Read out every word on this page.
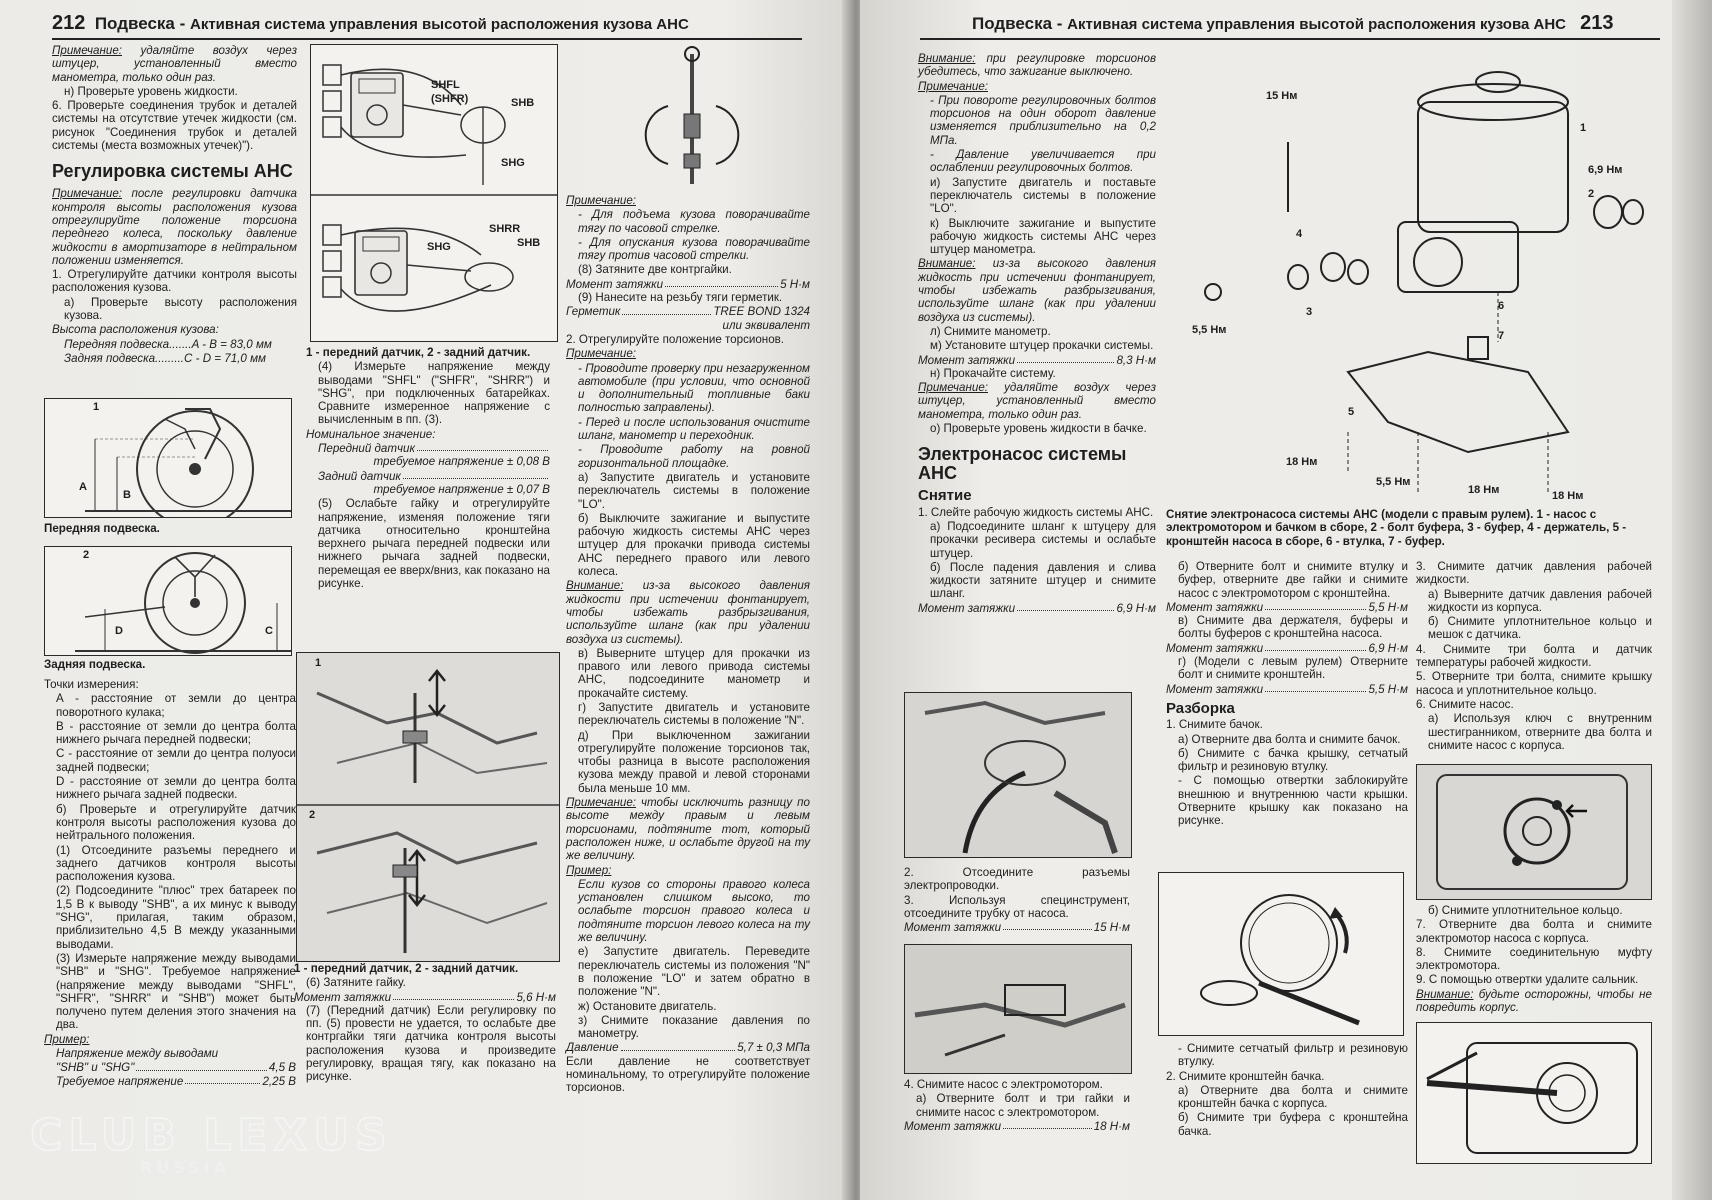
212 Подвеска - Активная система управления высотой расположения кузова АНС

Примечание: удаляйте воздух через штуцер, установленный вместо манометра, только один раз.

н) Проверьте уровень жидкости.

6. Проверьте соединения трубок и деталей системы на отсутствие утечек жидкости (см. рисунок "Соединения трубок и деталей системы (места возможных утечек)").

Регулировка системы АНС

Примечание: после регулировки датчика контроля высоты расположения кузова отрегулируйте положение торсиона переднего колеса, поскольку давление жидкости в амортизаторе в нейтральном положении изменяется.

1. Отрегулируйте датчики контроля высоты расположения кузова.

а) Проверьте высоту расположения кузова.

Высота расположения кузова:

Передняя подвеска.......A - B = 83,0 мм

Задняя подвеска.........C - D = 71,0 мм

1
A
B
Передняя подвеска.
2
C
D
Задняя подвеска.

Точки измерения:

A - расстояние от земли до центра поворотного кулака;

B - расстояние от земли до центра болта нижнего рычага передней подвески;

C - расстояние от земли до центра полуоси задней подвески;

D - расстояние от земли до центра болта нижнего рычага задней подвески.

б) Проверьте и отрегулируйте датчик контроля высоты расположения кузова до нейтрального положения.

(1) Отсоедините разъемы переднего и заднего датчиков контроля высоты расположения кузова.

(2) Подсоедините "плюс" трех батареек по 1,5 В к выводу "SHB", а их минус к выводу "SHG", прилагая, таким образом, приблизительно 4,5 В между указанными выводами.

(3) Измерьте напряжение между выводами "SHB" и "SHG". Требуемое напряжение (напряжение между выводами "SHFL", "SHFR", "SHRR" и "SHB") может быть получено путем деления этого значения на два.

Пример:

Напряжение между выводами

"SHB" и "SHG"	4,5 В
Требуемое напряжение	2,25 В
SHFL
(SHFR)	SHB
SHG
SHRR
SHG	SHB

1 - передний датчик, 2 - задний датчик.

(4) Измерьте напряжение между выводами "SHFL" ("SHFR", "SHRR") и "SHG", при подключенных батарейках. Сравните измеренное напряжение с вычисленным в пп. (3).

Номинальное значение:

Передний датчик

требуемое напряжение ± 0,08 В

Задний датчик

требуемое напряжение ± 0,07 В

(5) Ослабьте гайку и отрегулируйте напряжение, изменяя положение тяги датчика относительно кронштейна верхнего рычага передней подвески или нижнего рычага задней подвески, перемещая ее вверх/вниз, как показано на рисунке.

1
2

1 - передний датчик, 2 - задний датчик.

(6) Затяните гайку.

Момент затяжки	5,6 Н·м

(7) (Передний датчик) Если регулировку по пп. (5) провести не удается, то ослабьте две контргайки тяги датчика контроля высоты расположения кузова и произведите регулировку, вращая тягу, как показано на рисунке.

Примечание:

- Для подъема кузова поворачивайте тягу по часовой стрелке.

- Для опускания кузова поворачивайте тягу против часовой стрелки.

(8) Затяните две контргайки.

Момент затяжки	5 Н·м

(9) Нанесите на резьбу тяги герметик.

Герметик	TREE BOND 1324

или эквивалент

2. Отрегулируйте положение торсионов.

Примечание:

- Проводите проверку при незагруженном автомобиле (при условии, что основной и дополнительный топливные баки полностью заправлены).

- Перед и после использования очистите шланг, манометр и переходник.

- Проводите работу на ровной горизонтальной площадке.

а) Запустите двигатель и установите переключатель системы в положение "LO".

б) Выключите зажигание и выпустите рабочую жидкость системы АНС через штуцер для прокачки привода системы АНС переднего правого или левого колеса.

Внимание: из-за высокого давления жидкости при истечении фонтанирует, чтобы избежать разбрызгивания, используйте шланг (как при удалении воздуха из системы).

в) Выверните штуцер для прокачки из правого или левого привода системы АНС, подсоедините манометр и прокачайте систему.

г) Запустите двигатель и установите переключатель системы в положение "N".

д) При выключенном зажигании отрегулируйте положение торсионов так, чтобы разница в высоте расположения кузова между правой и левой сторонами была меньше 10 мм.

Примечание: чтобы исключить разницу по высоте между правым и левым торсионами, подтяните тот, который расположен ниже, и ослабьте другой на ту же величину.

Пример:

Если кузов со стороны правого колеса установлен слишком высоко, то ослабьте торсион правого колеса и подтяните торсион левого колеса на ту же величину.

е) Запустите двигатель. Переведите переключатель системы из положения "N" в положение "LO" и затем обратно в положение "N".

ж) Остановите двигатель.

з) Снимите показание давления по манометру.

Давление	5,7 ± 0,3 МПа

Если давление не соответствует номинальному, то отрегулируйте положение торсионов.

CLUB LEXUS
RUSSIA
Подвеска - Активная система управления высотой расположения кузова АНС 213

Внимание: при регулировке торсионов убедитесь, что зажигание выключено.

Примечание:

- При повороте регулировочных болтов торсионов на один оборот давление изменяется приблизительно на 0,2 МПа.

- Давление увеличивается при ослаблении регулировочных болтов.

и) Запустите двигатель и поставьте переключатель системы в положение "LO".

к) Выключите зажигание и выпустите рабочую жидкость системы АНС через штуцер манометра.

Внимание: из-за высокого давления жидкость при истечении фонтанирует, чтобы избежать разбрызгивания, используйте шланг (как при удалении воздуха из системы).

л) Снимите манометр.

м) Установите штуцер прокачки системы.

Момент затяжки	8,3 Н·м

н) Прокачайте систему.

Примечание: удаляйте воздух через штуцер, установленный вместо манометра, только один раз.

о) Проверьте уровень жидкости в бачке.

Электронасос системы АНС
Снятие

1. Слейте рабочую жидкость системы АНС.

а) Подсоедините шланг к штуцеру для прокачки ресивера системы и ослабьте штуцер.

б) После падения давления и слива жидкости затяните штуцер и снимите шланг.

Момент затяжки	6,9 Н·м

2. Отсоедините разъемы электропроводки.

3. Используя специнструмент, отсоедините трубку от насоса.

Момент затяжки	15 Н·м

4. Снимите насос с электромотором.

а) Отверните болт и три гайки и снимите насос с электромотором.

Момент затяжки	18 Н·м
15 Нм
1
6,9 Нм
2
4
3
5,5 Нм
6
7
5
18 Нм
5,5 Нм
18 Нм	18 Нм
Снятие электронасоса системы АНС (модели с правым рулем). 1 - насос с электромотором и бачком в сборе, 2 - болт буфера, 3 - буфер, 4 - держатель, 5 - кронштейн насоса в сборе, 6 - втулка, 7 - буфер.

б) Отверните болт и снимите втулку и буфер, отверните две гайки и снимите насос с электромотором с кронштейна.

Момент затяжки	5,5 Н·м

в) Снимите два держателя, буферы и болты буферов с кронштейна насоса.

Момент затяжки	6,9 Н·м

г) (Модели с левым рулем) Отверните болт и снимите кронштейн.

Момент затяжки	5,5 Н·м
Разборка

1. Снимите бачок.

а) Отверните два болта и снимите бачок.

б) Снимите с бачка крышку, сетчатый фильтр и резиновую втулку.

- С помощью отвертки заблокируйте внешнюю и внутреннюю части крышки. Отверните крышку как показано на рисунке.

- Снимите сетчатый фильтр и резиновую втулку.

2. Снимите кронштейн бачка.

а) Отверните два болта и снимите кронштейн бачка с корпуса.

б) Снимите три буфера с кронштейна бачка.

3. Снимите датчик давления рабочей жидкости.

а) Выверните датчик давления рабочей жидкости из корпуса.

б) Снимите уплотнительное кольцо и мешок с датчика.

4. Снимите три болта и датчик температуры рабочей жидкости.

5. Отверните три болта, снимите крышку насоса и уплотнительное кольцо.

6. Снимите насос.

а) Используя ключ с внутренним шестигранником, отверните два болта и снимите насос с корпуса.

б) Снимите уплотнительное кольцо.

7. Отверните два болта и снимите электромотор насоса с корпуса.

8. Снимите соединительную муфту электромотора.

9. С помощью отвертки удалите сальник.

Внимание: будьте осторожны, чтобы не повредить корпус.
